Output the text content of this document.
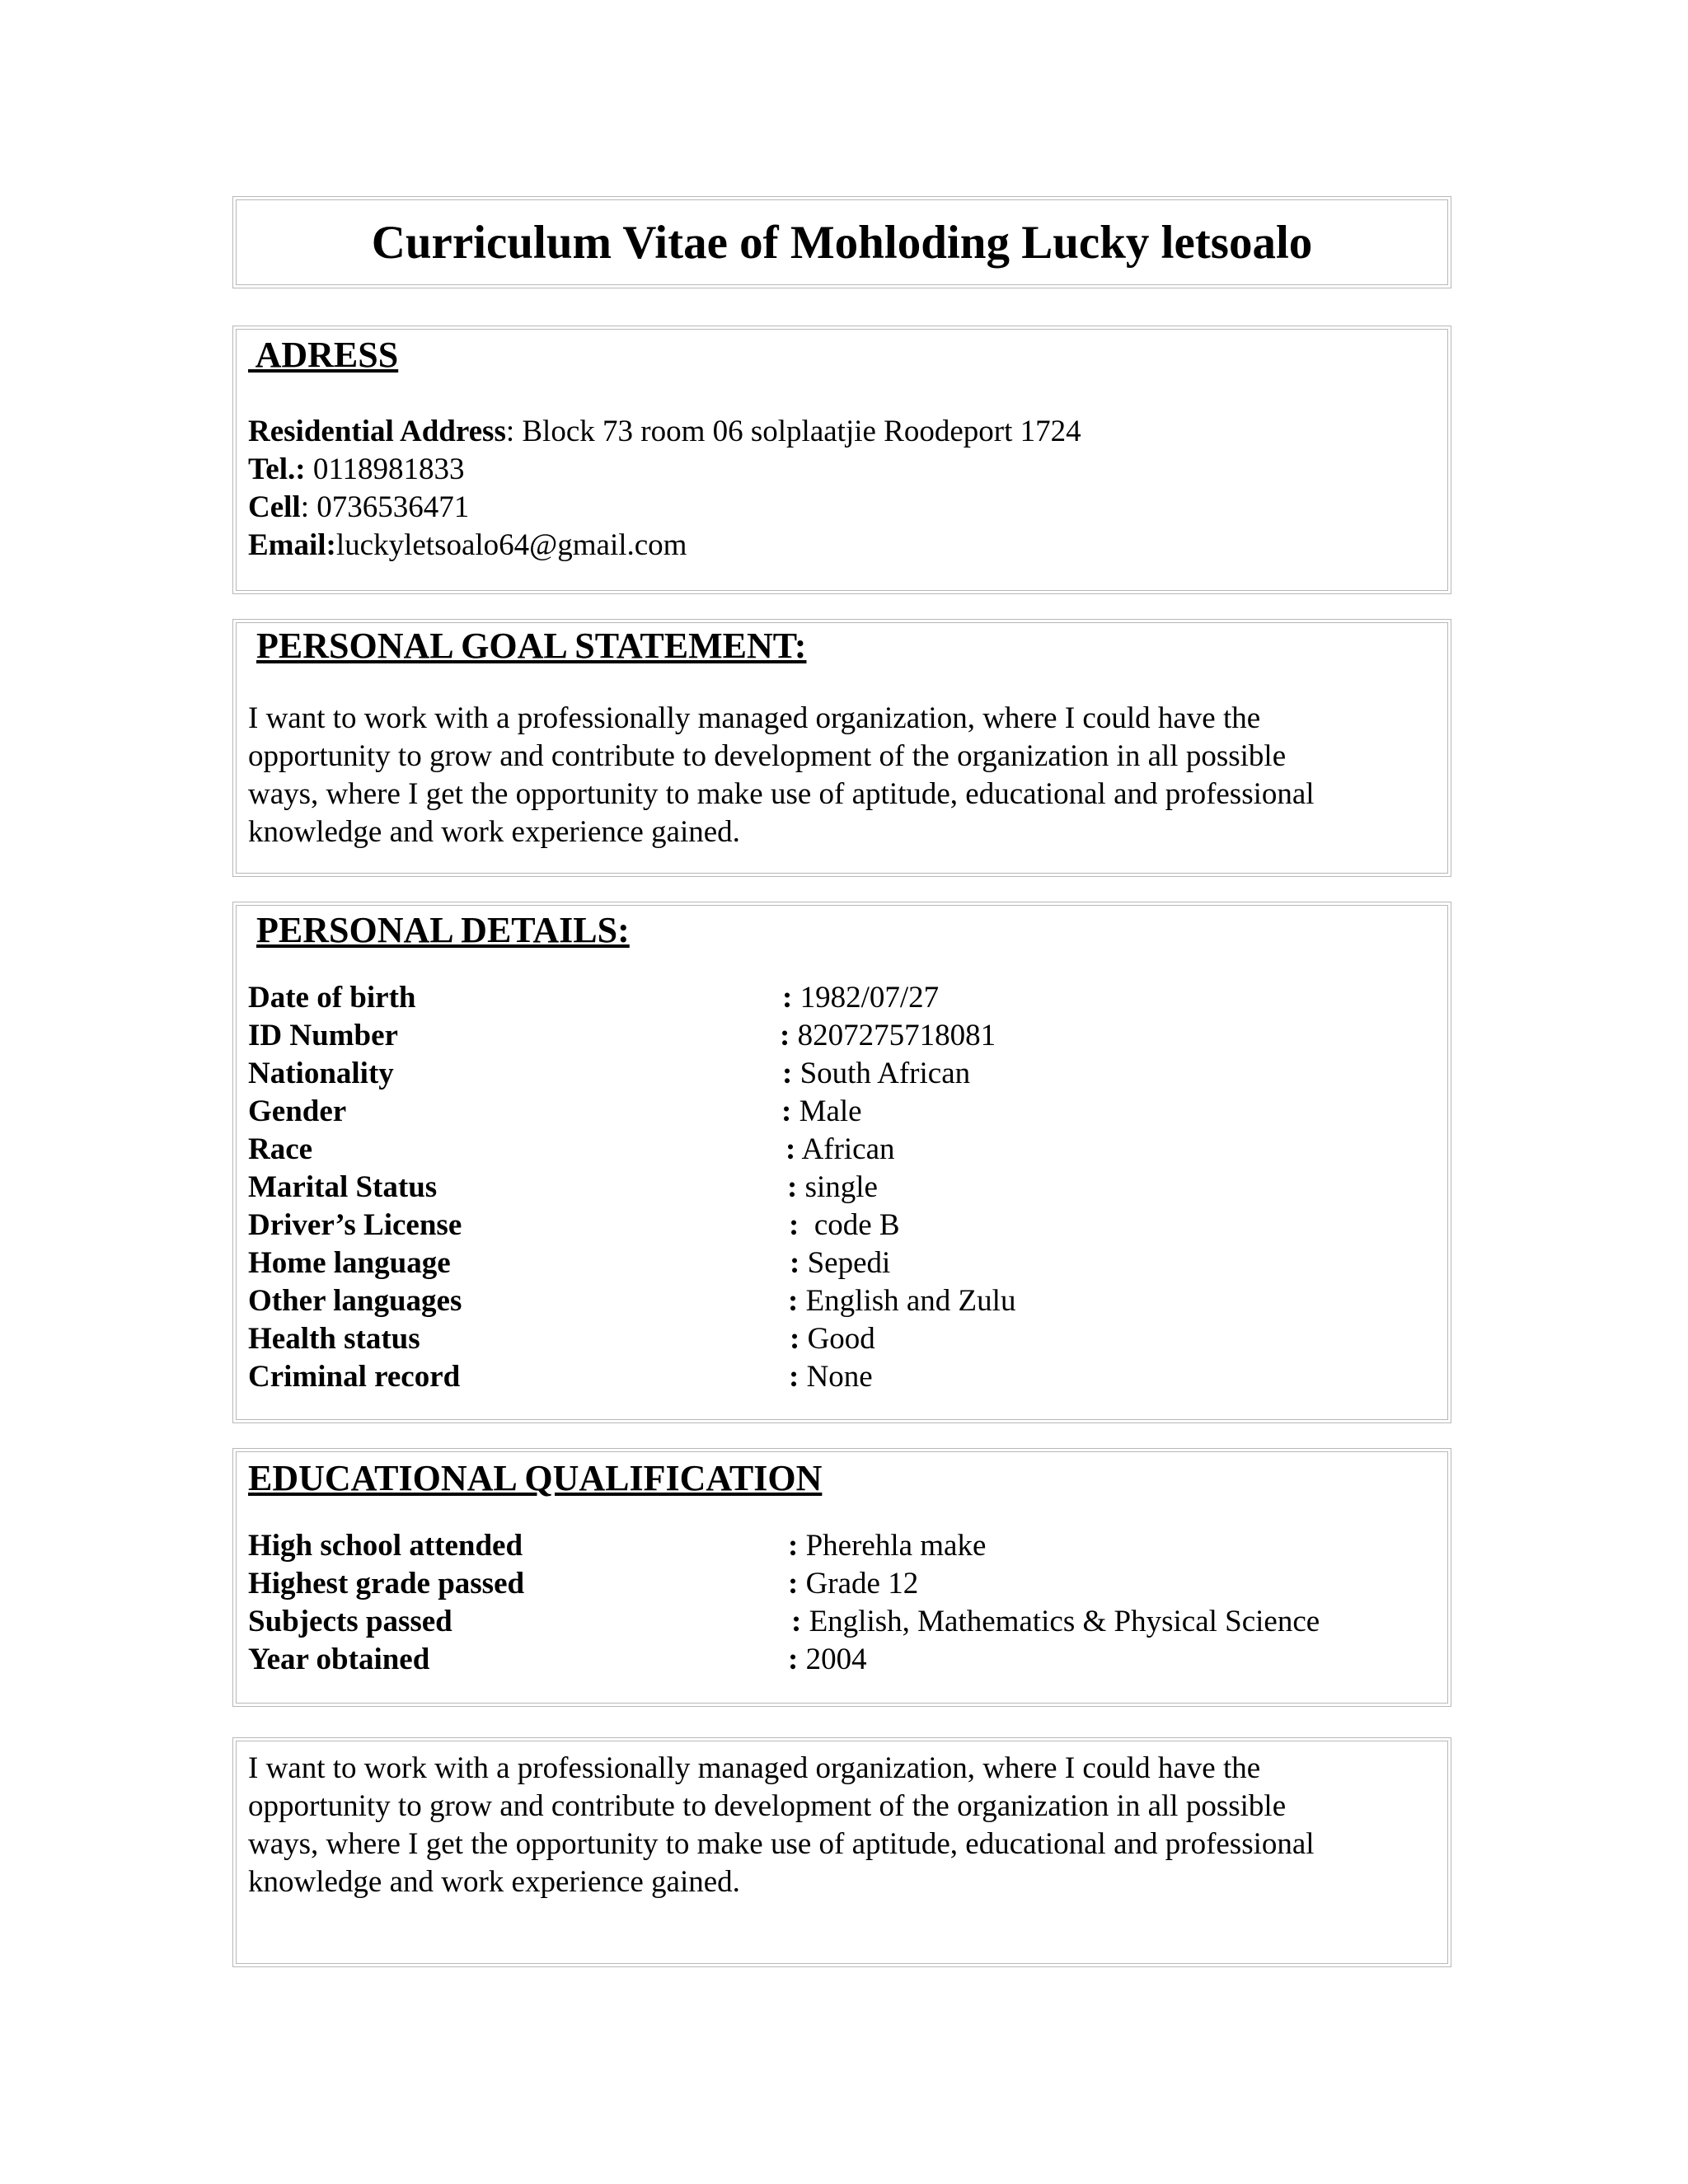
Curriculum Vitae of Mohloding Lucky letsoalo
ADRESS
Residential Address: Block 73 room 06 solplaatjie Roodeport 1724
Tel.: 0118981833
Cell: 0736536471
Email:luckyletsoalo64@gmail.com
PERSONAL GOAL STATEMENT:
I want to work with a professionally managed organization, where I could have the
opportunity to grow and contribute to development of the organization in all possible
ways, where I get the opportunity to make use of aptitude, educational and professional
knowledge and work experience gained.
PERSONAL DETAILS:
Date of birth	: 1982/07/27
ID Number	: 8207275718081
Nationality	: South African
Gender	: Male
Race	: African
Marital Status	: single
Driver’s License	:  code B
Home language	: Sepedi
Other languages	: English and Zulu
Health status	: Good
Criminal record	: None
EDUCATIONAL QUALIFICATION
High school attended	: Pherehla make
Highest grade passed	: Grade 12
Subjects passed	: English, Mathematics & Physical Science
Year obtained	: 2004
I want to work with a professionally managed organization, where I could have the
opportunity to grow and contribute to development of the organization in all possible
ways, where I get the opportunity to make use of aptitude, educational and professional
knowledge and work experience gained.
